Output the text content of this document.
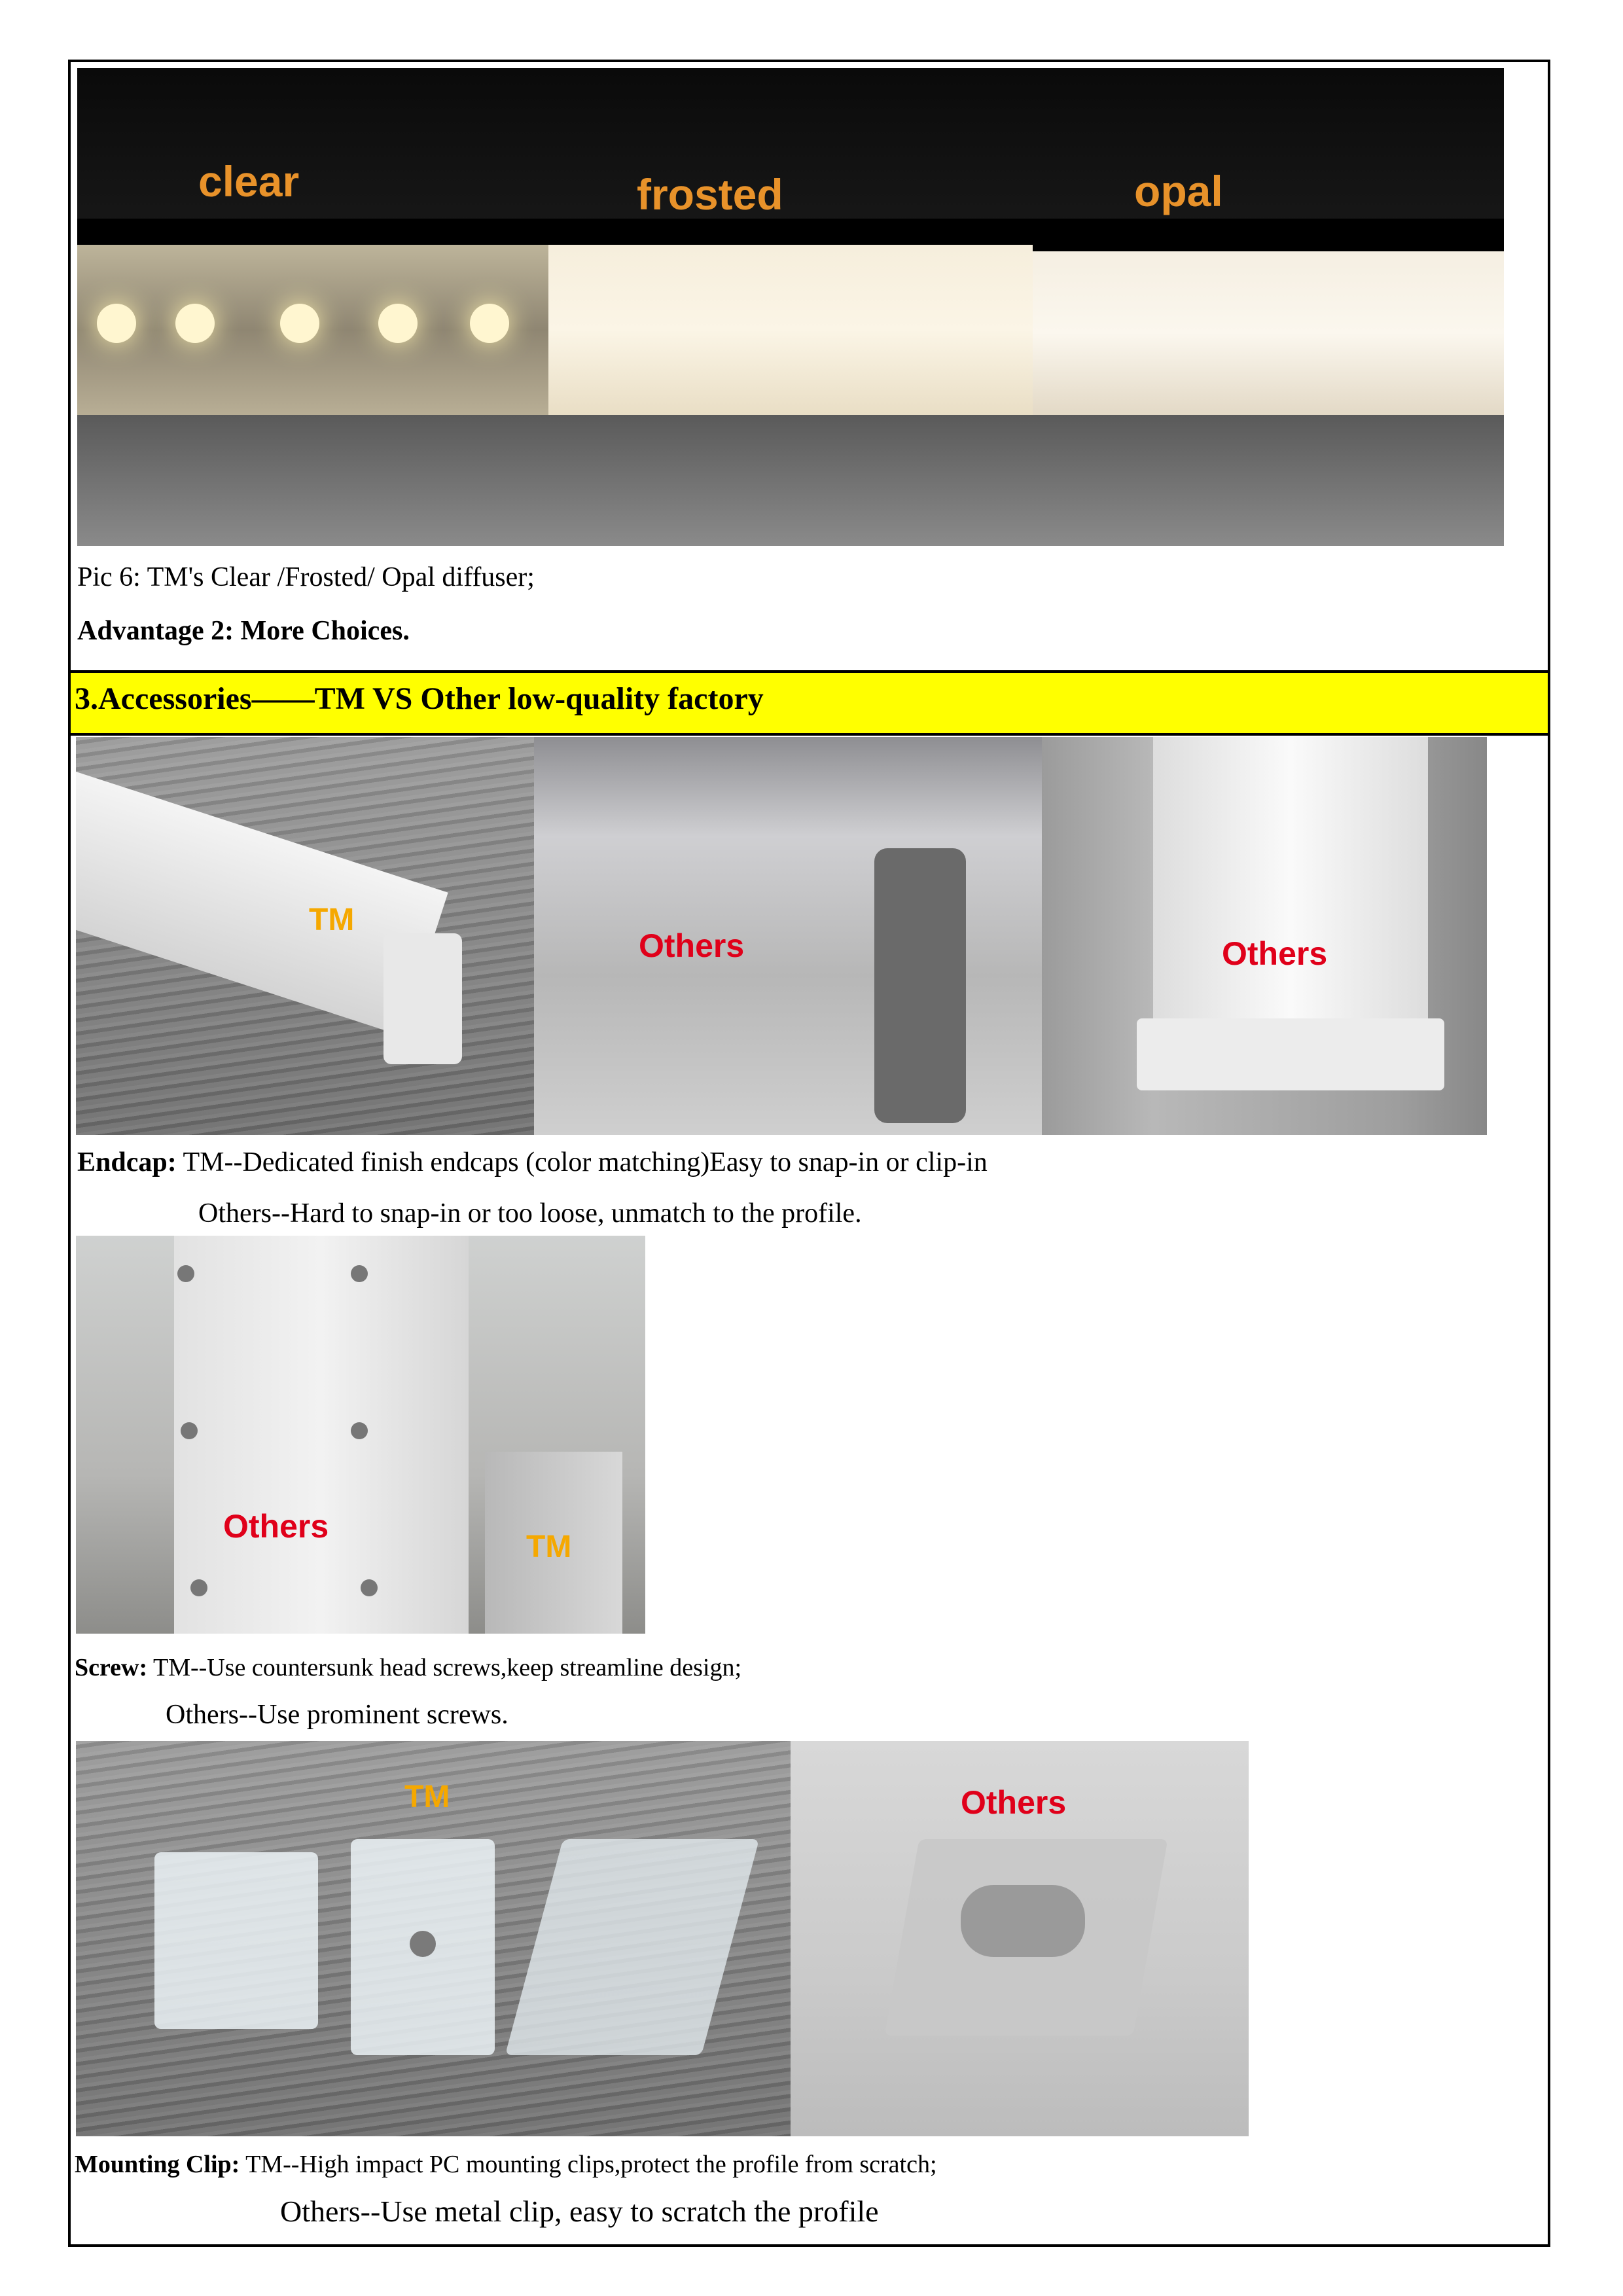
clear	frosted	opal
Pic 6: TM's Clear /Frosted/ Opal diffuser;
Advantage 2: More Choices.
3.Accessories——TM VS Other low-quality factory
TM
Others	Others
Endcap: TM--Dedicated finish endcaps (color matching)Easy to snap-in or clip-in
Others--Hard to snap-in or too loose, unmatch to the profile.
Others
TM
Screw: TM--Use countersunk head screws,keep streamline design;
Others--Use prominent screws.
TM	Others
Mounting Clip: TM--High impact PC mounting clips,protect the profile from scratch;
Others--Use metal clip, easy to scratch the profile
